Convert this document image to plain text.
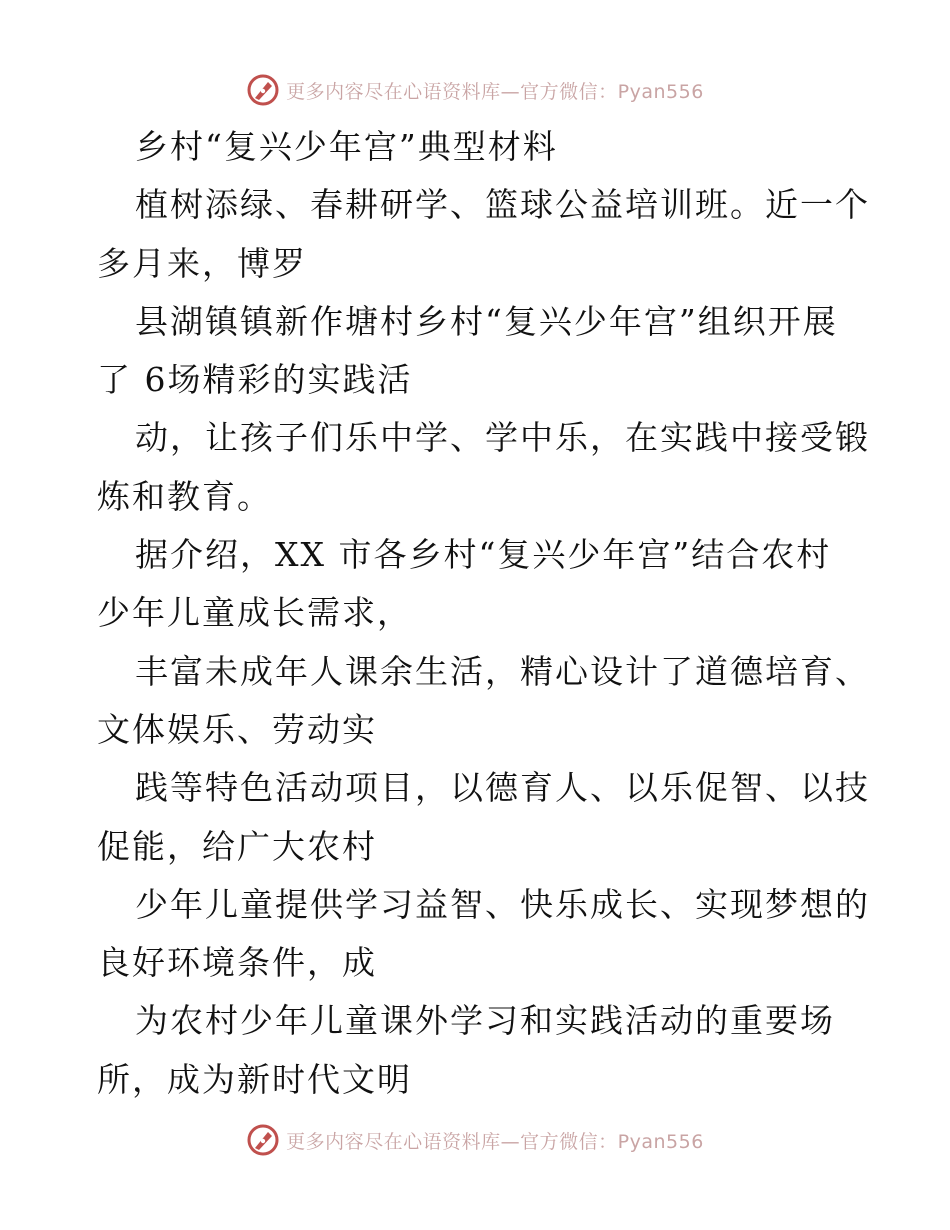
更多内容尽在心语资料库—官方微信：Pyan556
乡村“复兴少年宫”典型材料
植树添绿、春耕研学、篮球公益培训班。近一个
多月来，博罗
县湖镇镇新作塘村乡村“复兴少年宫”组织开展
了 6场精彩的实践活
动，让孩子们乐中学、学中乐，在实践中接受锻
炼和教育。
据介绍，XX 市各乡村“复兴少年宫”结合农村
少年儿童成长需求，
丰富未成年人课余生活，精心设计了道德培育、
文体娱乐、劳动实
践等特色活动项目，以德育人、以乐促智、以技
促能，给广大农村
少年儿童提供学习益智、快乐成长、实现梦想的
良好环境条件，成
为农村少年儿童课外学习和实践活动的重要场
所，成为新时代文明
更多内容尽在心语资料库—官方微信：Pyan556
